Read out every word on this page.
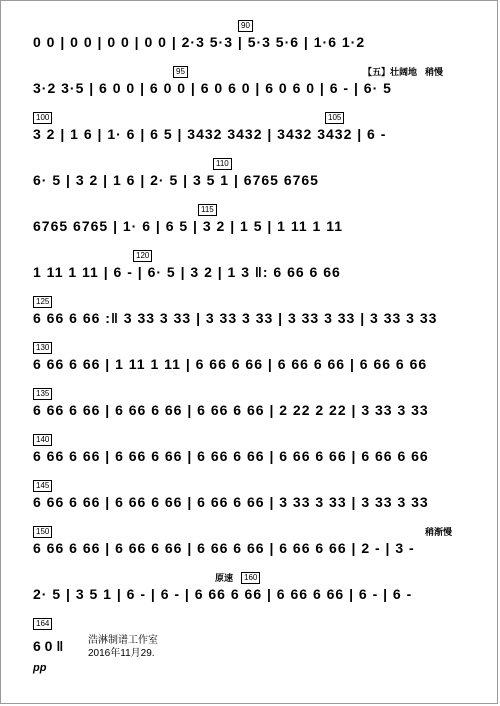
90
0 0 | 0 0 | 0 0 | 0 0 | 2·3 5·3 | 5·3 5·6 | 1·6 1·2
95	【五】壮阔地 稍慢
3·2 3·5 | 6 0 0 | 6 0 0 | 6 0 6 0 | 6 0 6 0 | 6 - | 6· 5
100	105
3 2 | 1 6 | 1· 6 | 6 5 | 3432 3432 | 3432 3432 | 6 -
110
6· 5 | 3 2 | 1 6 | 2· 5 | 3 5 1 | 6765 6765
115
6765 6765 | 1· 6 | 6 5 | 3 2 | 1 5 | 1 11 1 11
120
1 11 1 11 | 6 - | 6· 5 | 3 2 | 1 3 ‖: 6 66 6 66
125
6 66 6 66 :‖ 3 33 3 33 | 3 33 3 33 | 3 33 3 33 | 3 33 3 33
130
6 66 6 66 | 1 11 1 11 | 6 66 6 66 | 6 66 6 66 | 6 66 6 66
135
6 66 6 66 | 6 66 6 66 | 6 66 6 66 | 2 22 2 22 | 3 33 3 33
140
6 66 6 66 | 6 66 6 66 | 6 66 6 66 | 6 66 6 66 | 6 66 6 66
145
6 66 6 66 | 6 66 6 66 | 6 66 6 66 | 3 33 3 33 | 3 33 3 33
150	稍渐慢
6 66 6 66 | 6 66 6 66 | 6 66 6 66 | 6 66 6 66 | 2 - | 3 -
原速	160
2· 5 | 3 5 1 | 6 - | 6 - | 6 66 6 66 | 6 66 6 66 | 6 - | 6 -
164
6 0 ‖
pp
浩淋制谱工作室
2016年11月29.
